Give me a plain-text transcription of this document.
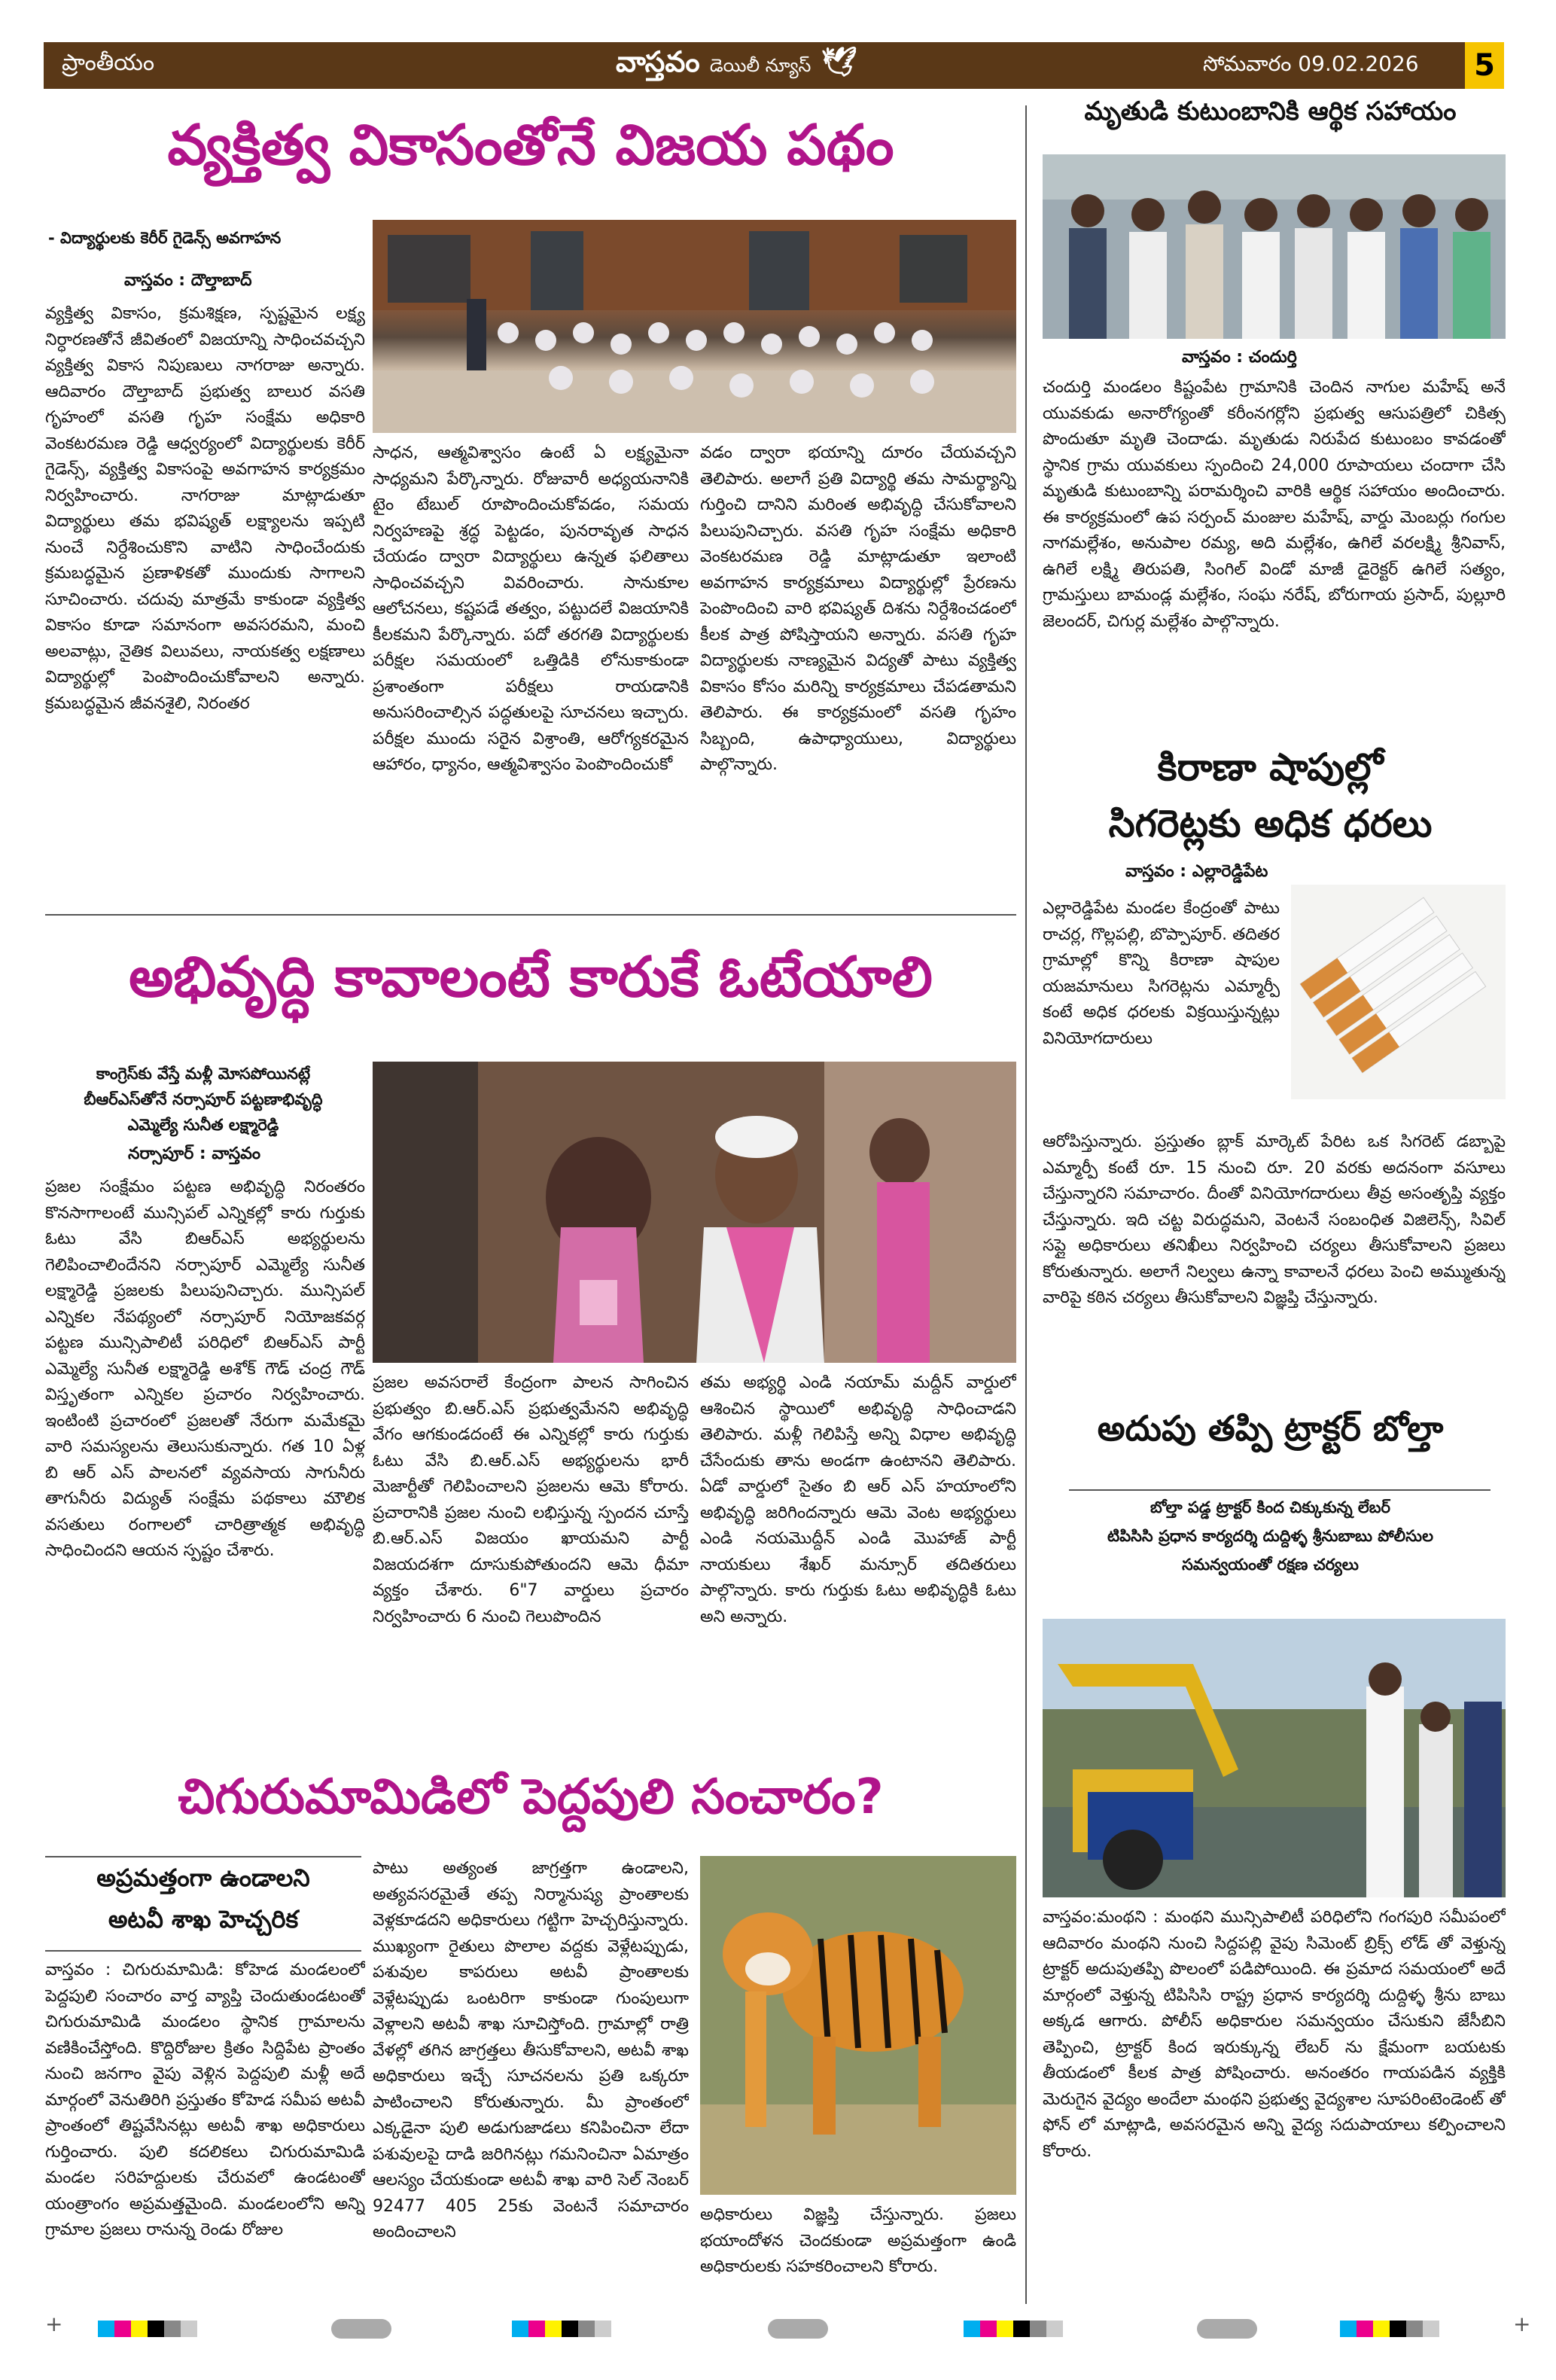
ప్రాంతీయం	వాస్తవం డెయిలీ న్యూస్ 🕊	సోమవారం 09.02.2026	5
వ్యక్తిత్వ వికాసంతోనే విజయ పథం
- విద్యార్థులకు కెరీర్ గైడెన్స్ అవగాహన
వాస్తవం : దౌల్తాబాద్
వ్యక్తిత్వ వికాసం, క్రమశిక్షణ, స్పష్టమైన లక్ష్య నిర్ధారణతోనే జీవితంలో విజయాన్ని సాధించవచ్చని వ్యక్తిత్వ వికాస నిపుణులు నాగరాజు అన్నారు. ఆదివారం దౌల్తాబాద్ ప్రభుత్వ బాలుర వసతి గృహంలో వసతి గృహ సంక్షేమ అధికారి వెంకటరమణ రెడ్డి ఆధ్వర్యంలో విద్యార్థులకు కెరీర్ గైడెన్స్, వ్యక్తిత్వ వికాసంపై అవగాహన కార్యక్రమం నిర్వహించారు. నాగరాజు మాట్లాడుతూ విద్యార్థులు తమ భవిష్యత్ లక్ష్యాలను ఇప్పటి నుంచే నిర్దేశించుకొని వాటిని సాధించేందుకు క్రమబద్ధమైన ప్రణాళికతో ముందుకు సాగాలని సూచించారు. చదువు మాత్రమే కాకుండా వ్యక్తిత్వ వికాసం కూడా సమానంగా అవసరమని, మంచి అలవాట్లు, నైతిక విలువలు, నాయకత్వ లక్షణాలు విద్యార్థుల్లో పెంపొందించుకోవాలని అన్నారు. క్రమబద్ధమైన జీవనశైలి, నిరంతర
సాధన, ఆత్మవిశ్వాసం ఉంటే ఏ లక్ష్యమైనా సాధ్యమని పేర్కొన్నారు. రోజువారీ అధ్యయనానికి టైం టేబుల్ రూపొందించుకోవడం, సమయ నిర్వహణపై శ్రద్ధ పెట్టడం, పునరావృత సాధన చేయడం ద్వారా విద్యార్థులు ఉన్నత ఫలితాలు సాధించవచ్చని వివరించారు. సానుకూల ఆలోచనలు, కష్టపడే తత్వం, పట్టుదలే విజయానికి కీలకమని పేర్కొన్నారు. పదో తరగతి విద్యార్థులకు పరీక్షల సమయంలో ఒత్తిడికి లోనుకాకుండా ప్రశాంతంగా పరీక్షలు రాయడానికి అనుసరించాల్సిన పద్ధతులపై సూచనలు ఇచ్చారు. పరీక్షల ముందు సరైన విశ్రాంతి, ఆరోగ్యకరమైన ఆహారం, ధ్యానం, ఆత్మవిశ్వాసం పెంపొందించుకో
వడం ద్వారా భయాన్ని దూరం చేయవచ్చని తెలిపారు. అలాగే ప్రతి విద్యార్థి తమ సామర్థ్యాన్ని గుర్తించి దానిని మరింత అభివృద్ధి చేసుకోవాలని పిలుపునిచ్చారు. వసతి గృహ సంక్షేమ అధికారి వెంకటరమణ రెడ్డి మాట్లాడుతూ ఇలాంటి అవగాహన కార్యక్రమాలు విద్యార్థుల్లో ప్రేరణను పెంపొందించి వారి భవిష్యత్ దిశను నిర్దేశించడంలో కీలక పాత్ర పోషిస్తాయని అన్నారు. వసతి గృహ విద్యార్థులకు నాణ్యమైన విద్యతో పాటు వ్యక్తిత్వ వికాసం కోసం మరిన్ని కార్యక్రమాలు చేపడతామని తెలిపారు. ఈ కార్యక్రమంలో వసతి గృహం సిబ్బంది, ఉపాధ్యాయులు, విద్యార్థులు పాల్గొన్నారు.
అభివృద్ధి కావాలంటే కారుకే ఓటేయాలి
కాంగ్రెస్‌కు వేస్తే మళ్లీ మోసపోయినట్లే
బీఆర్ఎస్‌తోనే నర్సాపూర్ పట్టణాభివృద్ధి
ఎమ్మెల్యే సునీత లక్ష్మారెడ్డి
నర్సాపూర్ : వాస్తవం
ప్రజల సంక్షేమం పట్టణ అభివృద్ధి నిరంతరం కొనసాగాలంటే మున్సిపల్ ఎన్నికల్లో కారు గుర్తుకు ఓటు వేసి బిఆర్ఎస్ అభ్యర్థులను గెలిపించాలిందేనని నర్సాపూర్ ఎమ్మెల్యే సునీత లక్ష్మారెడ్డి ప్రజలకు పిలుపునిచ్చారు. మున్సిపల్ ఎన్నికల నేపథ్యంలో నర్సాపూర్ నియోజకవర్గ పట్టణ మున్సిపాలిటీ పరిధిలో బిఆర్ఎస్ పార్టీ ఎమ్మెల్యే సునీత లక్ష్మారెడ్డి అశోక్ గౌడ్ చంద్ర గౌడ్ విస్తృతంగా ఎన్నికల ప్రచారం నిర్వహించారు. ఇంటింటి ప్రచారంలో ప్రజలతో నేరుగా మమేకమై వారి సమస్యలను తెలుసుకున్నారు. గత 10 ఏళ్ల బి ఆర్ ఎస్ పాలనలో వ్యవసాయ సాగునీరు తాగునీరు విద్యుత్ సంక్షేమ పథకాలు మౌలిక వసతులు రంగాలలో చారిత్రాత్మక అభివృద్ధి సాధించిందని ఆయన స్పష్టం చేశారు.
ప్రజల అవసరాలే కేంద్రంగా పాలన సాగించిన ప్రభుత్వం బి.ఆర్.ఎస్ ప్రభుత్వమేనని అభివృద్ధి వేగం ఆగకుండదంటే ఈ ఎన్నికల్లో కారు గుర్తుకు ఓటు వేసి బి.ఆర్.ఎస్ అభ్యర్థులను భారీ మెజార్టీతో గెలిపించాలని ప్రజలను ఆమె కోరారు. ప్రచారానికి ప్రజల నుంచి లభిస్తున్న స్పందన చూస్తే బి.ఆర్.ఎస్ విజయం ఖాయమని పార్టీ విజయదశగా దూసుకుపోతుందని ఆమె ధీమా వ్యక్తం చేశారు. 6"7 వార్డులు ప్రచారం నిర్వహించారు 6 నుంచి గెలుపొందిన
తమ అభ్యర్థి ఎండి నయామ్ మద్దీన్ వార్డులో ఆశించిన స్థాయిలో అభివృద్ధి సాధించాడని తెలిపారు. మళ్లీ గెలిపిస్తే అన్ని విధాల అభివృద్ధి చేసేందుకు తాను అండగా ఉంటానని తెలిపారు. ఏడో వార్డులో సైతం బి ఆర్ ఎస్ హయాంలోని అభివృద్ధి జరిగిందన్నారు ఆమె వెంట అభ్యర్థులు ఎండి నయమొద్దీన్ ఎండి మొహాజ్ పార్టీ నాయకులు శేఖర్ మన్సూర్ తదితరులు పాల్గొన్నారు. కారు గుర్తుకు ఓటు అభివృద్ధికి ఓటు అని అన్నారు.
చిగురుమామిడిలో పెద్దపులి సంచారం?
అప్రమత్తంగా ఉండాలని
అటవీ శాఖ హెచ్చరిక
వాస్తవం : చిగురుమామిడి: కోహెడ మండలంలో పెద్దపులి సంచారం వార్త వ్యాప్తి చెందుతుండటంతో చిగురుమామిడి మండలం స్థానిక గ్రామాలను వణికించేస్తోంది. కొద్దిరోజుల క్రితం సిద్దిపేట ప్రాంతం నుంచి జనగాం వైపు వెళ్లిన పెద్దపులి మళ్లీ అదే మార్గంలో వెనుతిరిగి ప్రస్తుతం కోహెడ సమీప అటవీ ప్రాంతంలో తిష్టవేసినట్లు అటవీ శాఖ అధికారులు గుర్తించారు. పులి కదలికలు చిగురుమామిడి మండల సరిహద్దులకు చేరువలో ఉండటంతో యంత్రాంగం అప్రమత్తమైంది. మండలంలోని అన్ని గ్రామాల ప్రజలు రానున్న రెండు రోజుల
పాటు అత్యంత జాగ్రత్తగా ఉండాలని, అత్యవసరమైతే తప్ప నిర్మానుష్య ప్రాంతాలకు వెళ్లకూడదని అధికారులు గట్టిగా హెచ్చరిస్తున్నారు. ముఖ్యంగా రైతులు పొలాల వద్దకు వెళ్లేటప్పుడు, పశువుల కాపరులు అటవీ ప్రాంతాలకు వెళ్లేటప్పుడు ఒంటరిగా కాకుండా గుంపులుగా వెళ్లాలని అటవీ శాఖ సూచిస్తోంది. గ్రామాల్లో రాత్రి వేళల్లో తగిన జాగ్రత్తలు తీసుకోవాలని, అటవీ శాఖ అధికారులు ఇచ్చే సూచనలను ప్రతి ఒక్కరూ పాటించాలని కోరుతున్నారు. మీ ప్రాంతంలో ఎక్కడైనా పులి అడుగుజాడలు కనిపించినా లేదా పశువులపై దాడి జరిగినట్లు గమనించినా ఏమాత్రం ఆలస్యం చేయకుండా అటవీ శాఖ వారి సెల్ నెంబర్ 92477 405 25కు వెంటనే సమాచారం అందించాలని
అధికారులు విజ్ఞప్తి చేస్తున్నారు. ప్రజలు భయాందోళన చెందకుండా అప్రమత్తంగా ఉండి అధికారులకు సహకరించాలని కోరారు.
మృతుడి కుటుంబానికి ఆర్థిక సహాయం
వాస్తవం : చందుర్తి
చందుర్తి మండలం కిష్టంపేట గ్రామానికి చెందిన నాగుల మహేష్ అనే యువకుడు అనారోగ్యంతో కరీంనగర్లోని ప్రభుత్వ ఆసుపత్రిలో చికిత్స పొందుతూ మృతి చెందాడు. మృతుడు నిరుపేద కుటుంబం కావడంతో స్థానిక గ్రామ యువకులు స్పందించి 24,000 రూపాయలు చందాగా చేసి మృతుడి కుటుంబాన్ని పరామర్శించి వారికి ఆర్థిక సహాయం అందించారు. ఈ కార్యక్రమంలో ఉప సర్పంచ్ మంజుల మహేష్, వార్డు మెంబర్లు గంగుల నాగమల్లేశం, అనుపాల రమ్య, అది మల్లేశం, ఉగిలే వరలక్ష్మి శ్రీనివాస్, ఉగిలే లక్ష్మి తిరుపతి, సింగిల్ విండో మాజీ డైరెక్టర్ ఉగిలే సత్యం, గ్రామస్తులు బామండ్ల మల్లేశం, సంఘ నరేష్, బోరుగాయ ప్రసాద్, పుల్లూరి జెలందర్, చిగుర్ల మల్లేశం పాల్గొన్నారు.
కిరాణా షాపుల్లో
సిగరెట్లకు అధిక ధరలు
వాస్తవం : ఎల్లారెడ్డిపేట
ఎల్లారెడ్డిపేట మండల కేంద్రంతో పాటు రాచర్ల, గొల్లపల్లి, బొప్పాపూర్. తదితర గ్రామాల్లో కొన్ని కిరాణా షాపుల యజమానులు సిగరెట్లను ఎమ్మార్పీ కంటే అధిక ధరలకు విక్రయిస్తున్నట్లు వినియోగదారులు
ఆరోపిస్తున్నారు. ప్రస్తుతం బ్లాక్ మార్కెట్ పేరిట ఒక సిగరెట్ డబ్బాపై ఎమ్మార్పీ కంటే రూ. 15 నుంచి రూ. 20 వరకు అదనంగా వసూలు చేస్తున్నారని సమాచారం. దీంతో వినియోగదారులు తీవ్ర అసంతృప్తి వ్యక్తం చేస్తున్నారు. ఇది చట్ట విరుద్ధమని, వెంటనే సంబంధిత విజిలెన్స్, సివిల్ సప్లై అధికారులు తనిఖీలు నిర్వహించి చర్యలు తీసుకోవాలని ప్రజలు కోరుతున్నారు. అలాగే నిల్వలు ఉన్నా కావాలనే ధరలు పెంచి అమ్ముతున్న వారిపై కఠిన చర్యలు తీసుకోవాలని విజ్ఞప్తి చేస్తున్నారు.
అదుపు తప్పి ట్రాక్టర్ బోల్తా
బోల్తా పడ్డ ట్రాక్టర్ కింద చిక్కుకున్న లేబర్
టిపిసిసి ప్రధాన కార్యదర్శి దుద్దిళ్ళ శ్రీనుబాబు పోలీసుల
సమన్వయంతో రక్షణ చర్యలు
వాస్తవం:మంథని : మంథని మున్సిపాలిటీ పరిధిలోని గంగపురి సమీపంలో ఆదివారం మంథని నుంచి సిద్దపల్లి వైపు సిమెంట్ బ్రిక్స్ లోడ్ తో వెళ్తున్న ట్రాక్టర్ అదుపుతప్పి పొలంలో పడిపోయింది. ఈ ప్రమాద సమయంలో అదే మార్గంలో వెళ్తున్న టిపిసిసి రాష్ట్ర ప్రధాన కార్యదర్శి దుద్దిళ్ళ శ్రీను బాబు అక్కడ ఆగారు. పోలీస్ అధికారుల సమన్వయం చేసుకుని జేసీబిని తెప్పించి, ట్రాక్టర్ కింద ఇరుక్కున్న లేబర్ ను క్షేమంగా బయటకు తీయడంలో కీలక పాత్ర పోషించారు. అనంతరం గాయపడిన వ్యక్తికి మెరుగైన వైద్యం అందేలా మంథని ప్రభుత్వ వైద్యశాల సూపరింటెండెంట్ తో ఫోన్ లో మాట్లాడి, అవసరమైన అన్ని వైద్య సదుపాయాలు కల్పించాలని కోరారు.
+	+
